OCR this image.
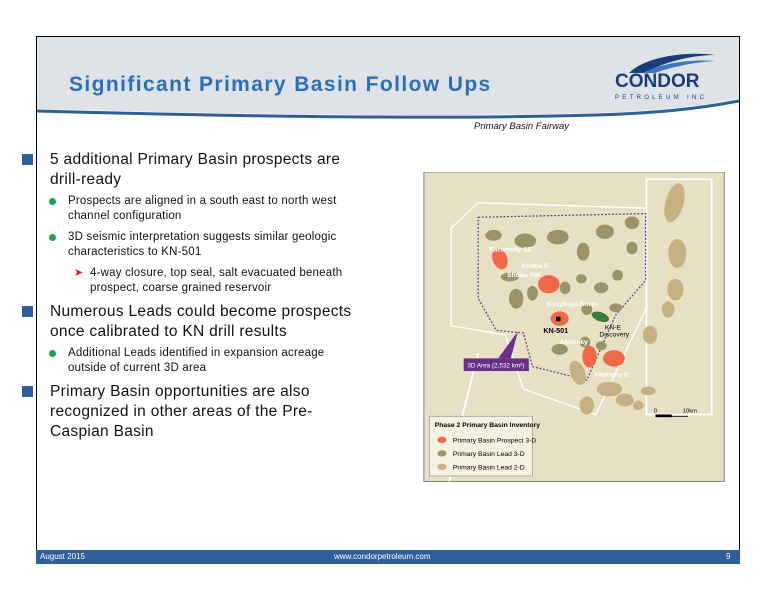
Significant Primary Basin Follow Ups	CONDOR
PETROLEUM INC
5 additional Primary Basin prospects are drill-ready
Prospects are aligned in a south east to north west channel configuration
3D seismic interpretation suggests similar geologic characteristics to KN-501
➤ 4-way closure, top seal, salt evacuated beneath prospect, coarse grained reservoir
Numerous Leads could become prospects once calibrated to KN drill results
Additional Leads identified in expansion acreage outside of current 3D area
Primary Basin opportunities are also recognized in other areas of the Pre-Caspian Basin
Primary Basin Fairway
Karamsay SE
Shoba E
Shoba SW
Kyzylkiya North
Akshoky
Akshoky E
KN-501	KN-E
Discovery
3D Area (2,532 km²)
0	10km
Phase 2 Primary Basin Inventory
Primary Basin Prospect 3-D
Primary Basin Lead 3-D
Primary Basin Lead 2-D
August 2015	www.condorpetroleum.com	9
